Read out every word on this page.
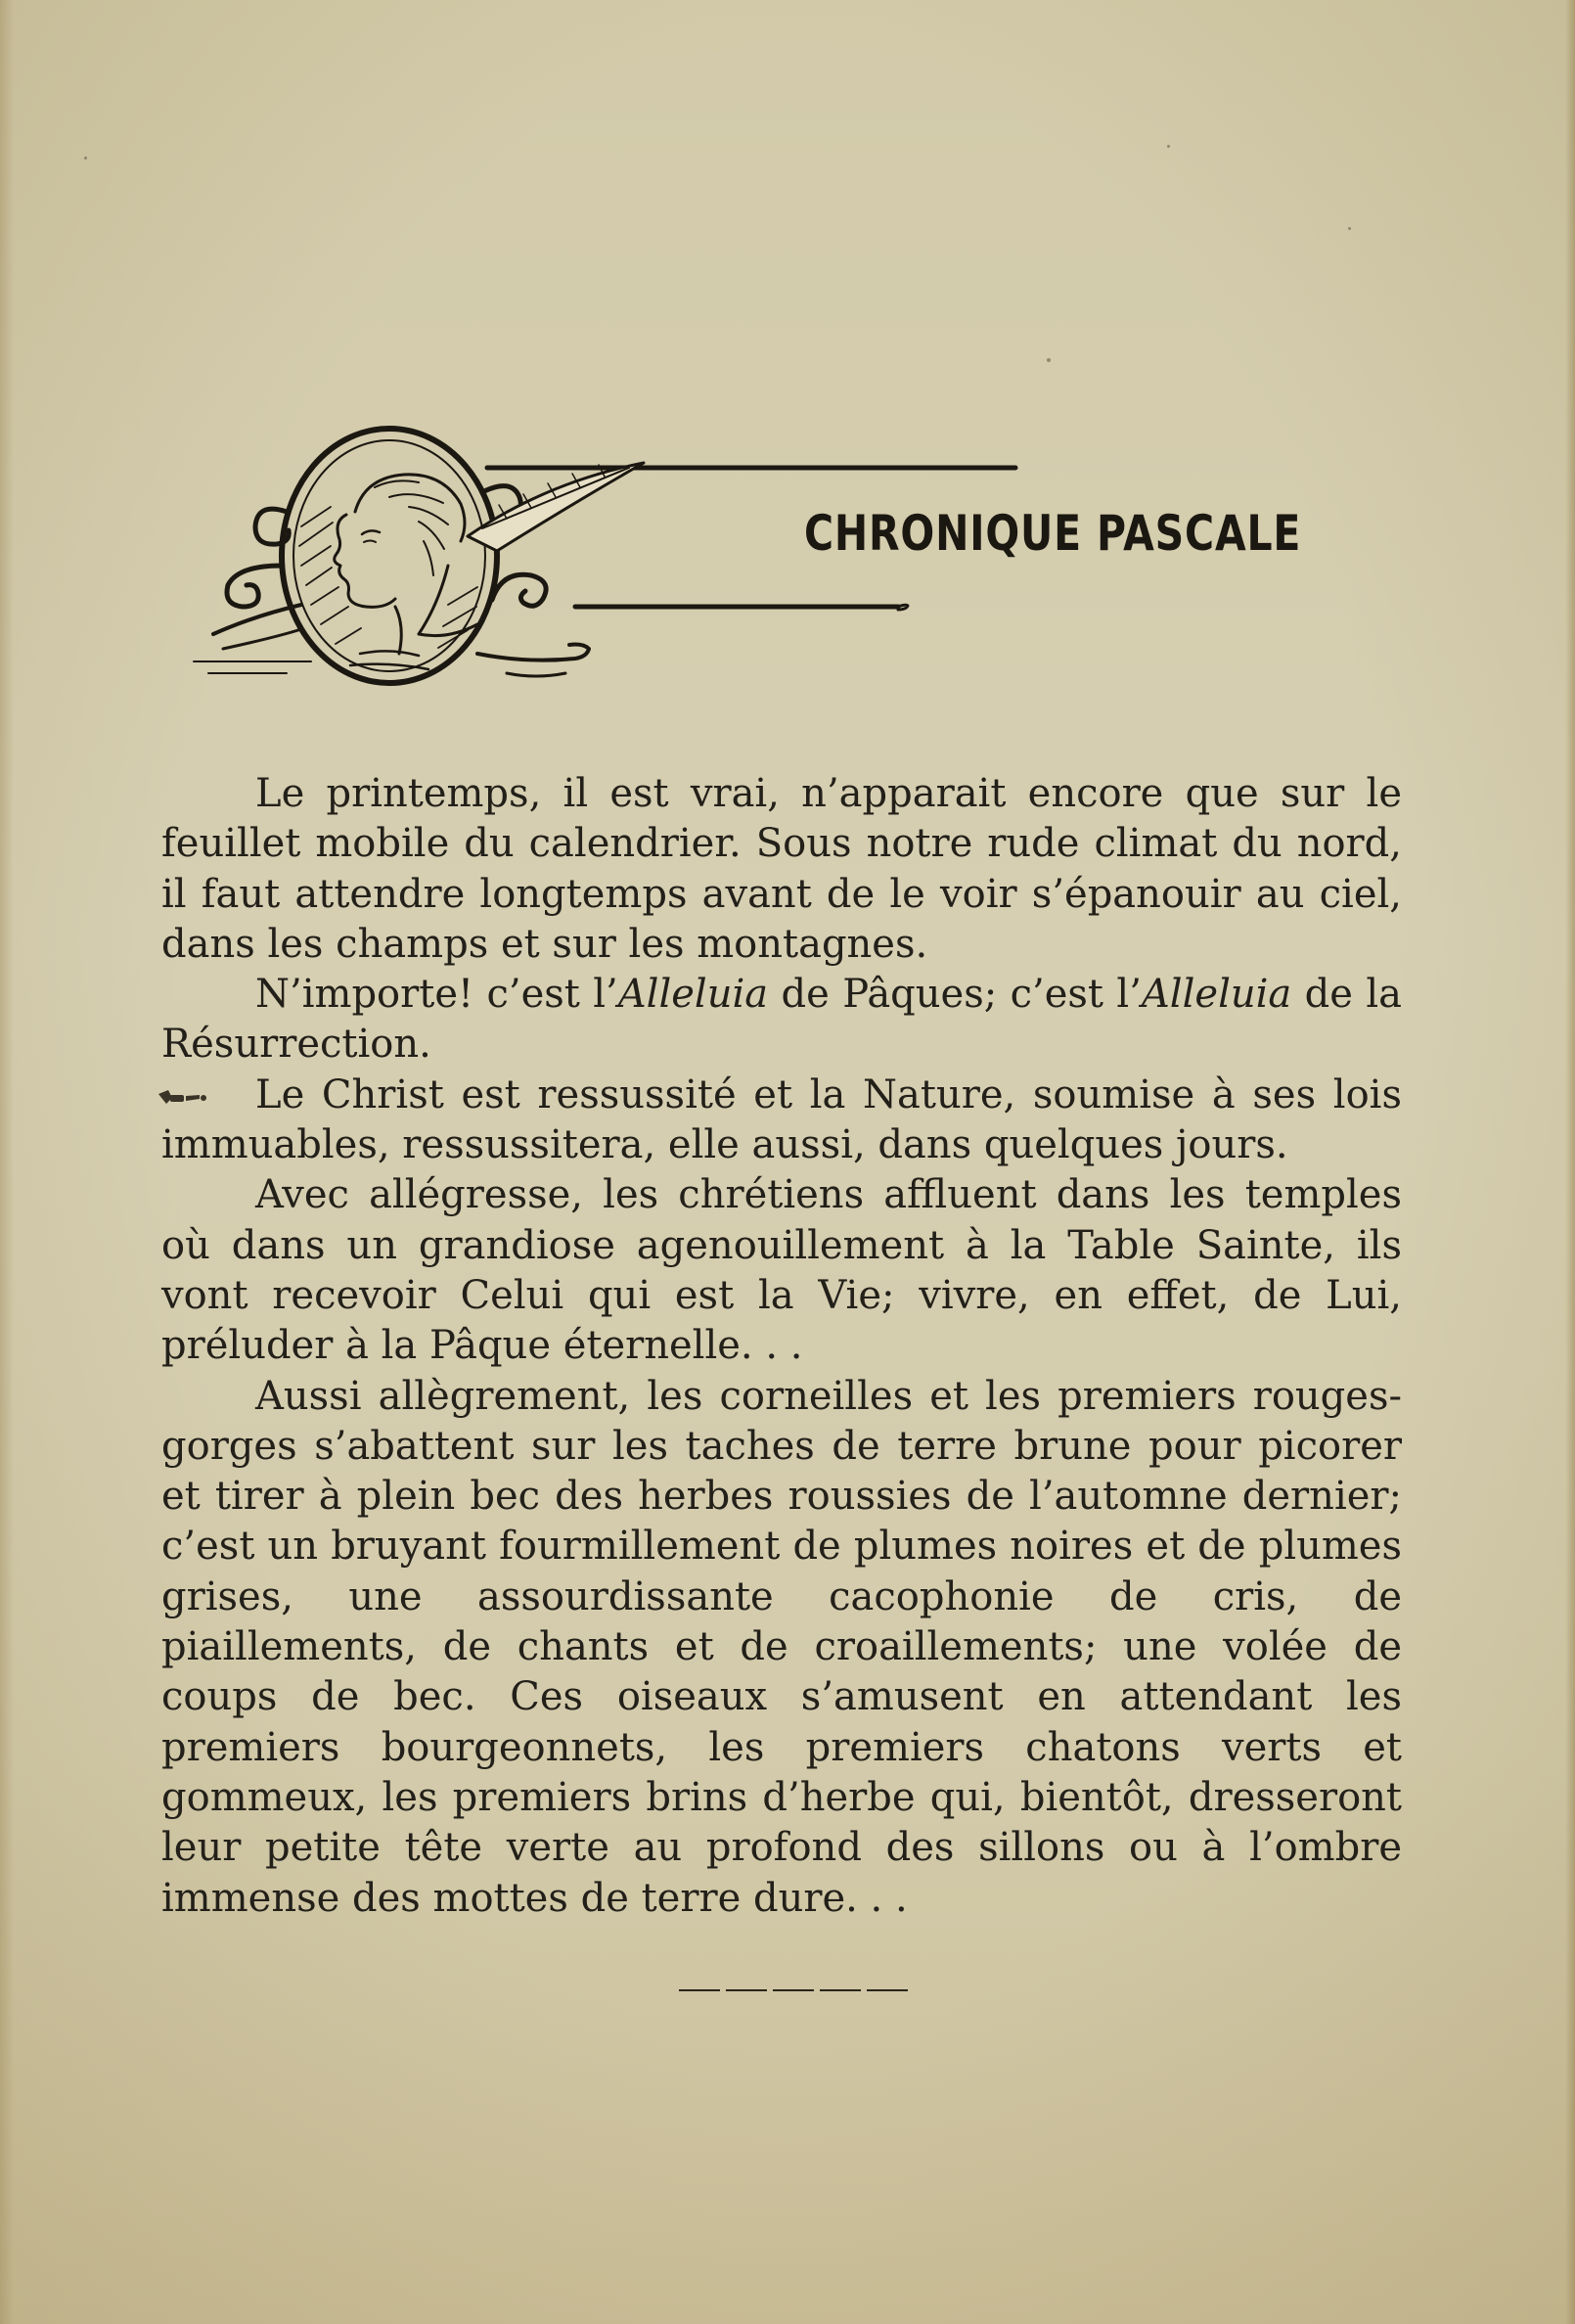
CHRONIQUE PASCALE

Le printemps, il est vrai, n’apparait encore que sur le feuillet mobile du calendrier. Sous notre rude climat du nord, il faut attendre longtemps avant de le voir s’épanouir au ciel, dans les champs et sur les montagnes.

N’importe! c’est l’Alleluia de Pâques; c’est l’Alleluia de la Résurrection.

Le Christ est ressussité et la Nature, soumise à ses lois immuables, ressussitera, elle aussi, dans quelques jours.

Avec allégresse, les chrétiens affluent dans les temples où dans un grandiose agenouillement à la Table Sainte, ils vont recevoir Celui qui est la Vie; vivre, en effet, de Lui, préluder à la Pâque éternelle. . .

Aussi allègrement, les corneilles et les premiers rouges-gorges s’abattent sur les taches de terre brune pour picorer et tirer à plein bec des herbes roussies de l’automne dernier; c’est un bruyant fourmillement de plumes noires et de plumes grises, une assourdissante cacophonie de cris, de piaillements, de chants et de croaillements; une volée de coups de bec. Ces oiseaux s’amusent en attendant les premiers bourgeonnets, les premiers chatons verts et gommeux, les premiers brins d’herbe qui, bientôt, dresseront leur petite tête verte au profond des sillons ou à l’ombre immense des mottes de terre dure. . .
